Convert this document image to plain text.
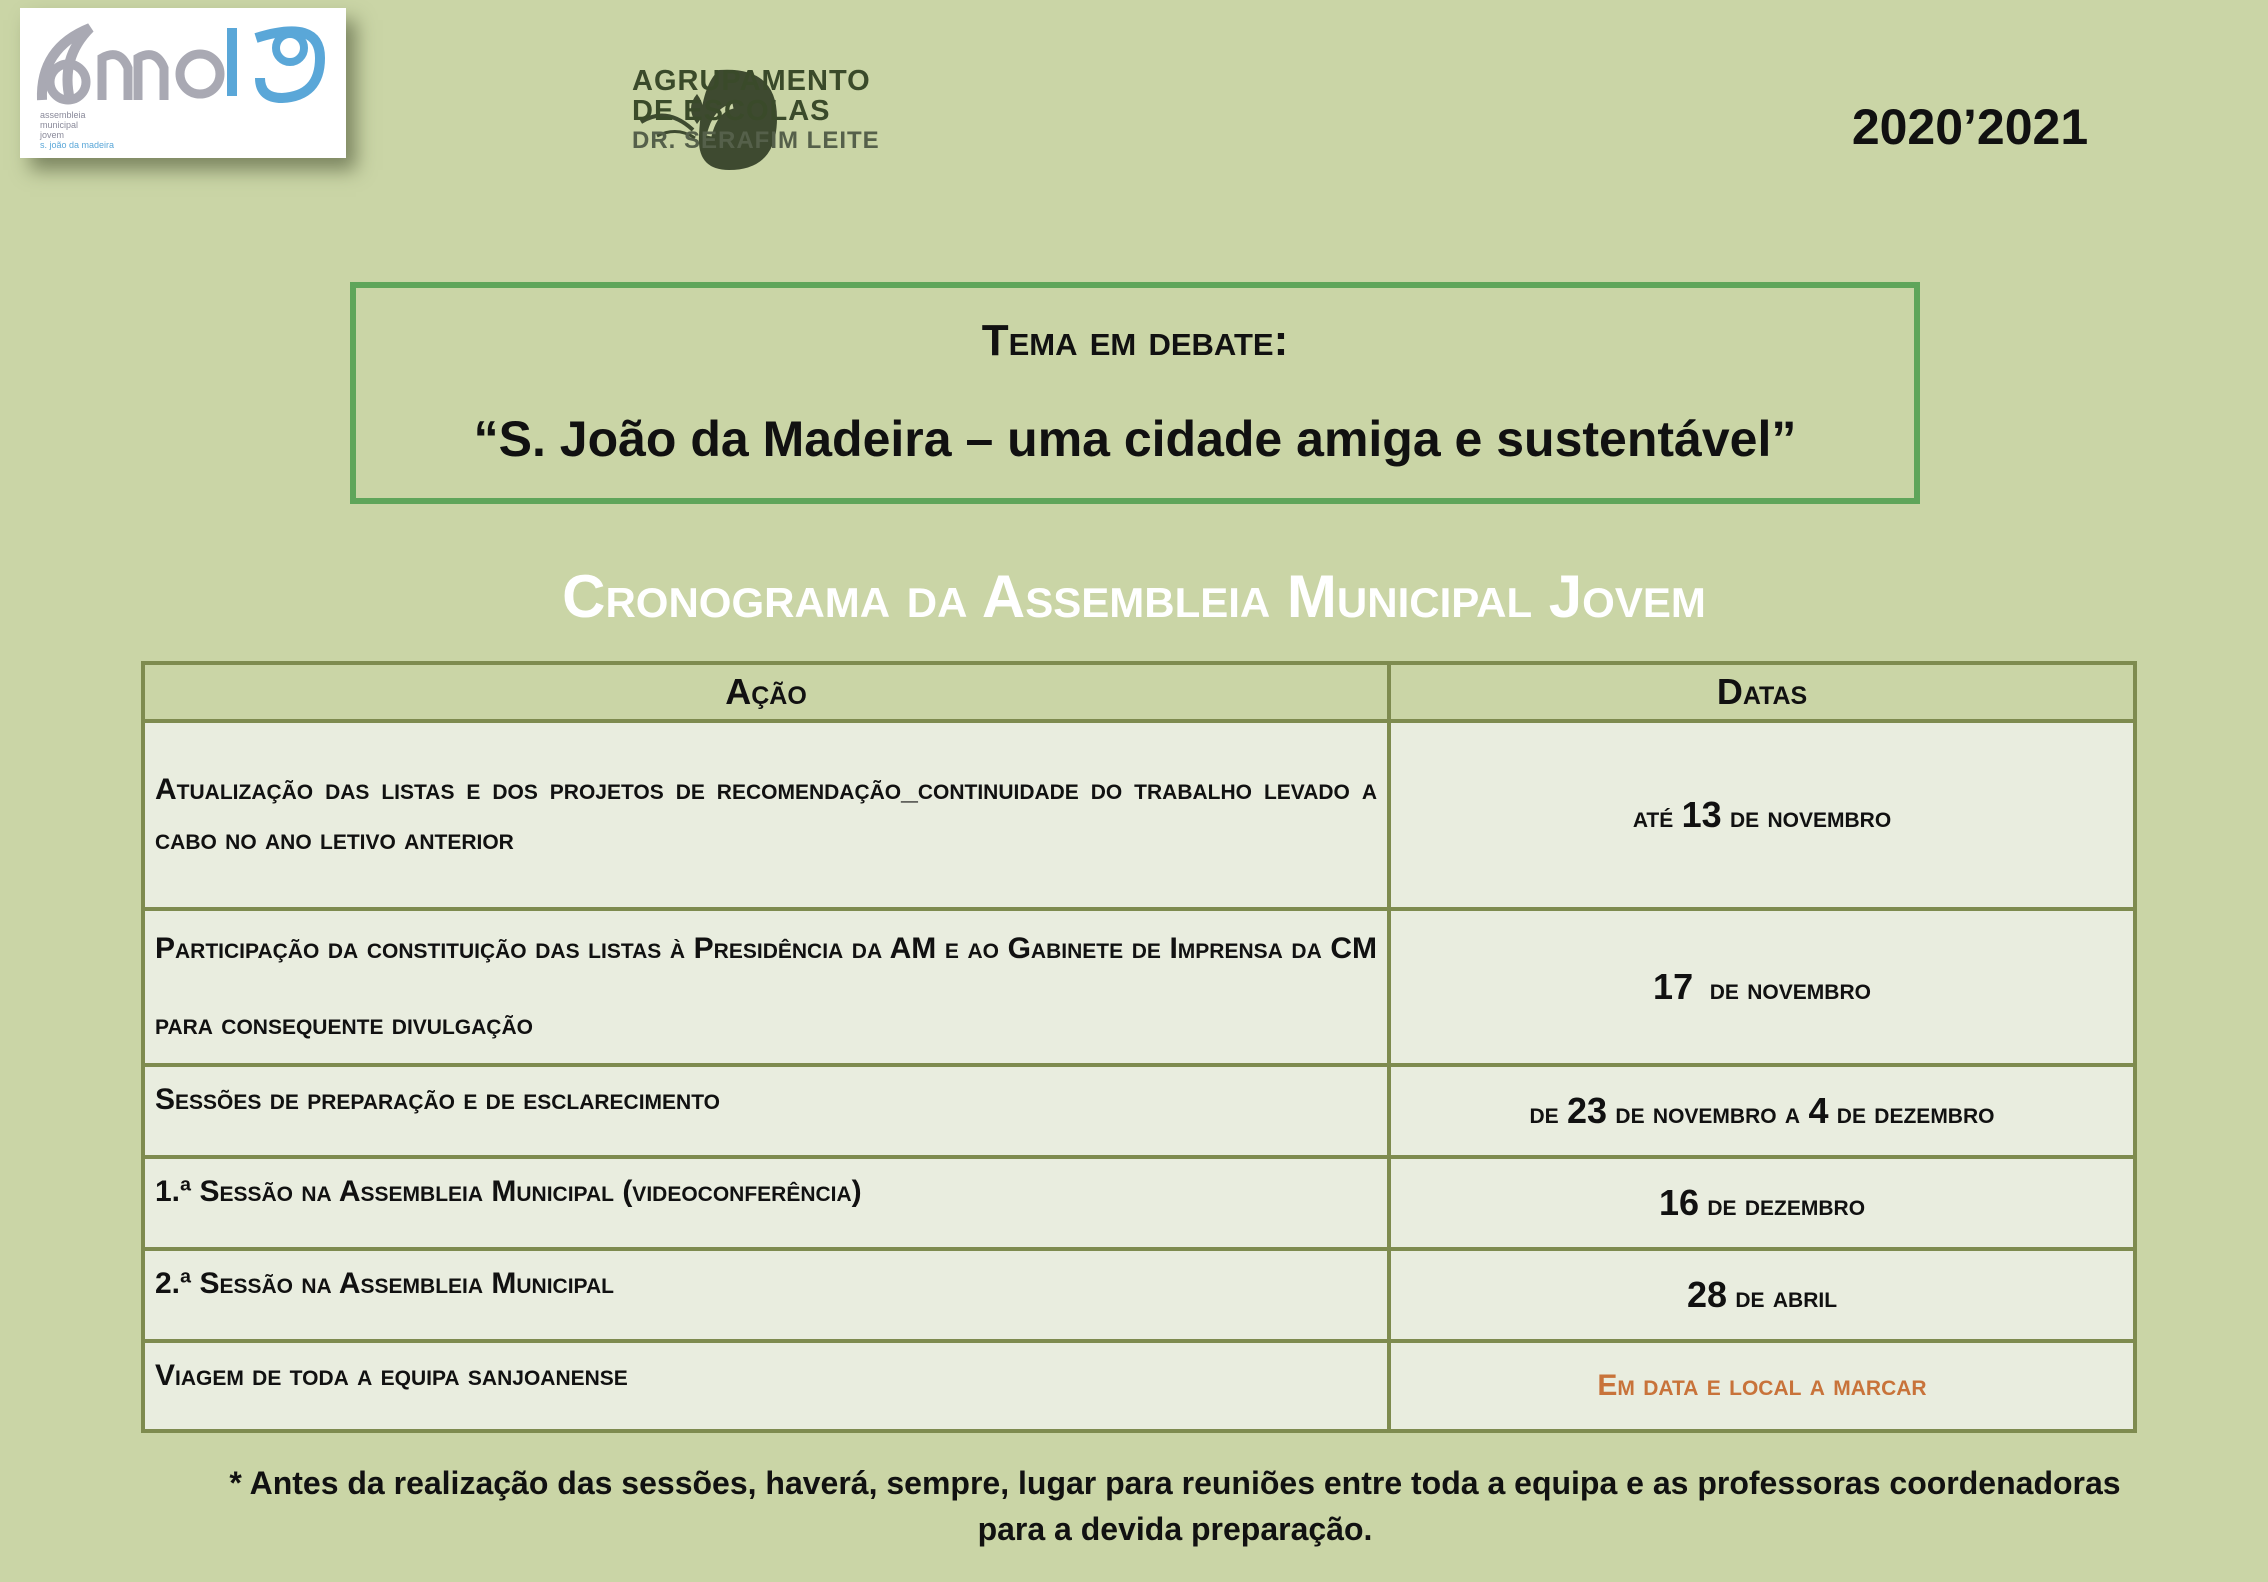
assembleia
municipal
jovem
s. joão da madeira
AGRUPAMENTO
DE ESCOLAS
DR. SERAFIM LEITE	2020’2021
Tema em debate:
“S. João da Madeira – uma cidade amiga e sustentável”
Cronograma da Assembleia Municipal Jovem
Ação	Datas
Atualização das listas e dos projetos de recomendação_continuidade do trabalho levado a cabo no ano letivo anterior	até 13 de novembro
Participação da constituição das listas à Presidência da AM e ao Gabinete de Imprensa da CM para consequente divulgação	17  de novembro
Sessões de preparação e de esclarecimento	de 23 de novembro a 4 de dezembro
1.ª Sessão na Assembleia Municipal (videoconferência)	16 de dezembro
2.ª Sessão na Assembleia Municipal	28 de abril
Viagem de toda a equipa sanjoanense	Em data e local a marcar
* Antes da realização das sessões, haverá, sempre, lugar para reuniões entre toda a equipa e as professoras coordenadoras para a devida preparação.
